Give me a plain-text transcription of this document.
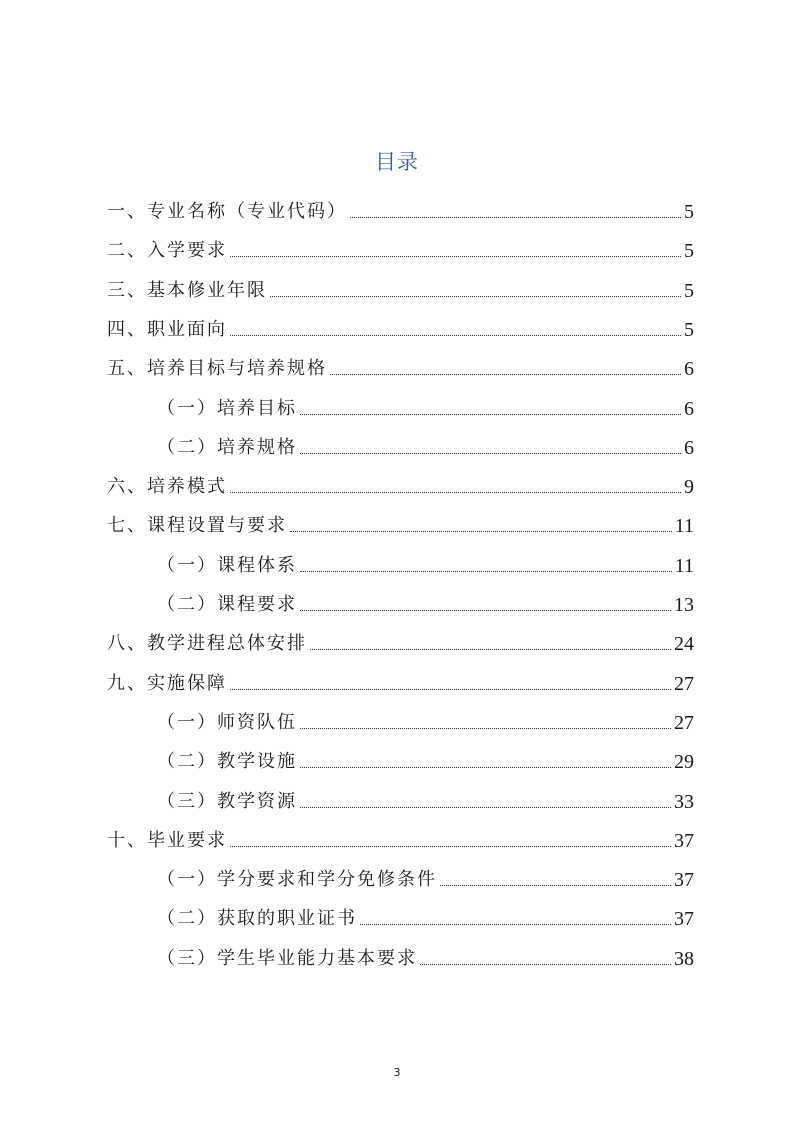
目录
一、专业名称（专业代码）	5
二、入学要求	5
三、基本修业年限	5
四、职业面向	5
五、培养目标与培养规格	6
（一）培养目标	6
（二）培养规格	6
六、培养模式	9
七、课程设置与要求	11
（一）课程体系	11
（二）课程要求	13
八、教学进程总体安排	24
九、实施保障	27
（一）师资队伍	27
（二）教学设施	29
（三）教学资源	33
十、毕业要求	37
（一）学分要求和学分免修条件	37
（二）获取的职业证书	37
（三）学生毕业能力基本要求	38
3
